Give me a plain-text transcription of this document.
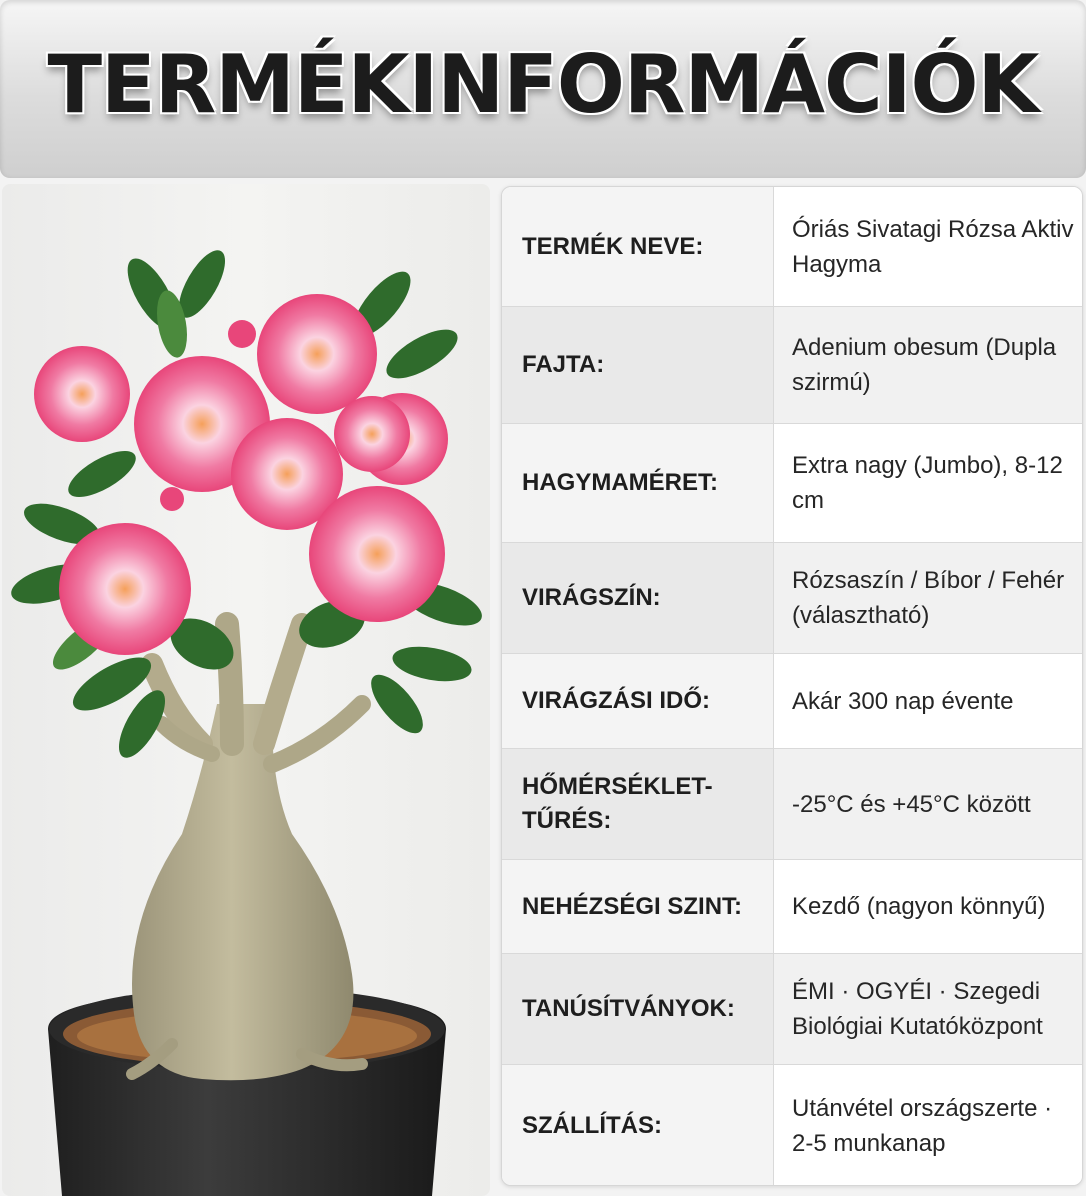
TERMÉKINFORMÁCIÓK
TERMÉK NEVE:
Óriás Sivatagi Rózsa Aktiv Hagyma
FAJTA:
Adenium obesum (Dupla szirmú)
HAGYMAMÉRET:
Extra nagy (Jumbo), 8-12 cm
VIRÁGSZÍN:
Rózsaszín / Bíbor / Fehér (választható)
VIRÁGZÁSI IDŐ:	Akár 300 nap évente
HŐMÉRSÉKLET-TŰRÉS:
-25°C és +45°C között
NEHÉZSÉGI SZINT:	Kezdő (nagyon könnyű)
TANÚSÍTVÁNYOK:
ÉMI · OGYÉI · Szegedi Biológiai Kutatóközpont
SZÁLLÍTÁS:
Utánvétel országszerte · 2-5 munkanap
